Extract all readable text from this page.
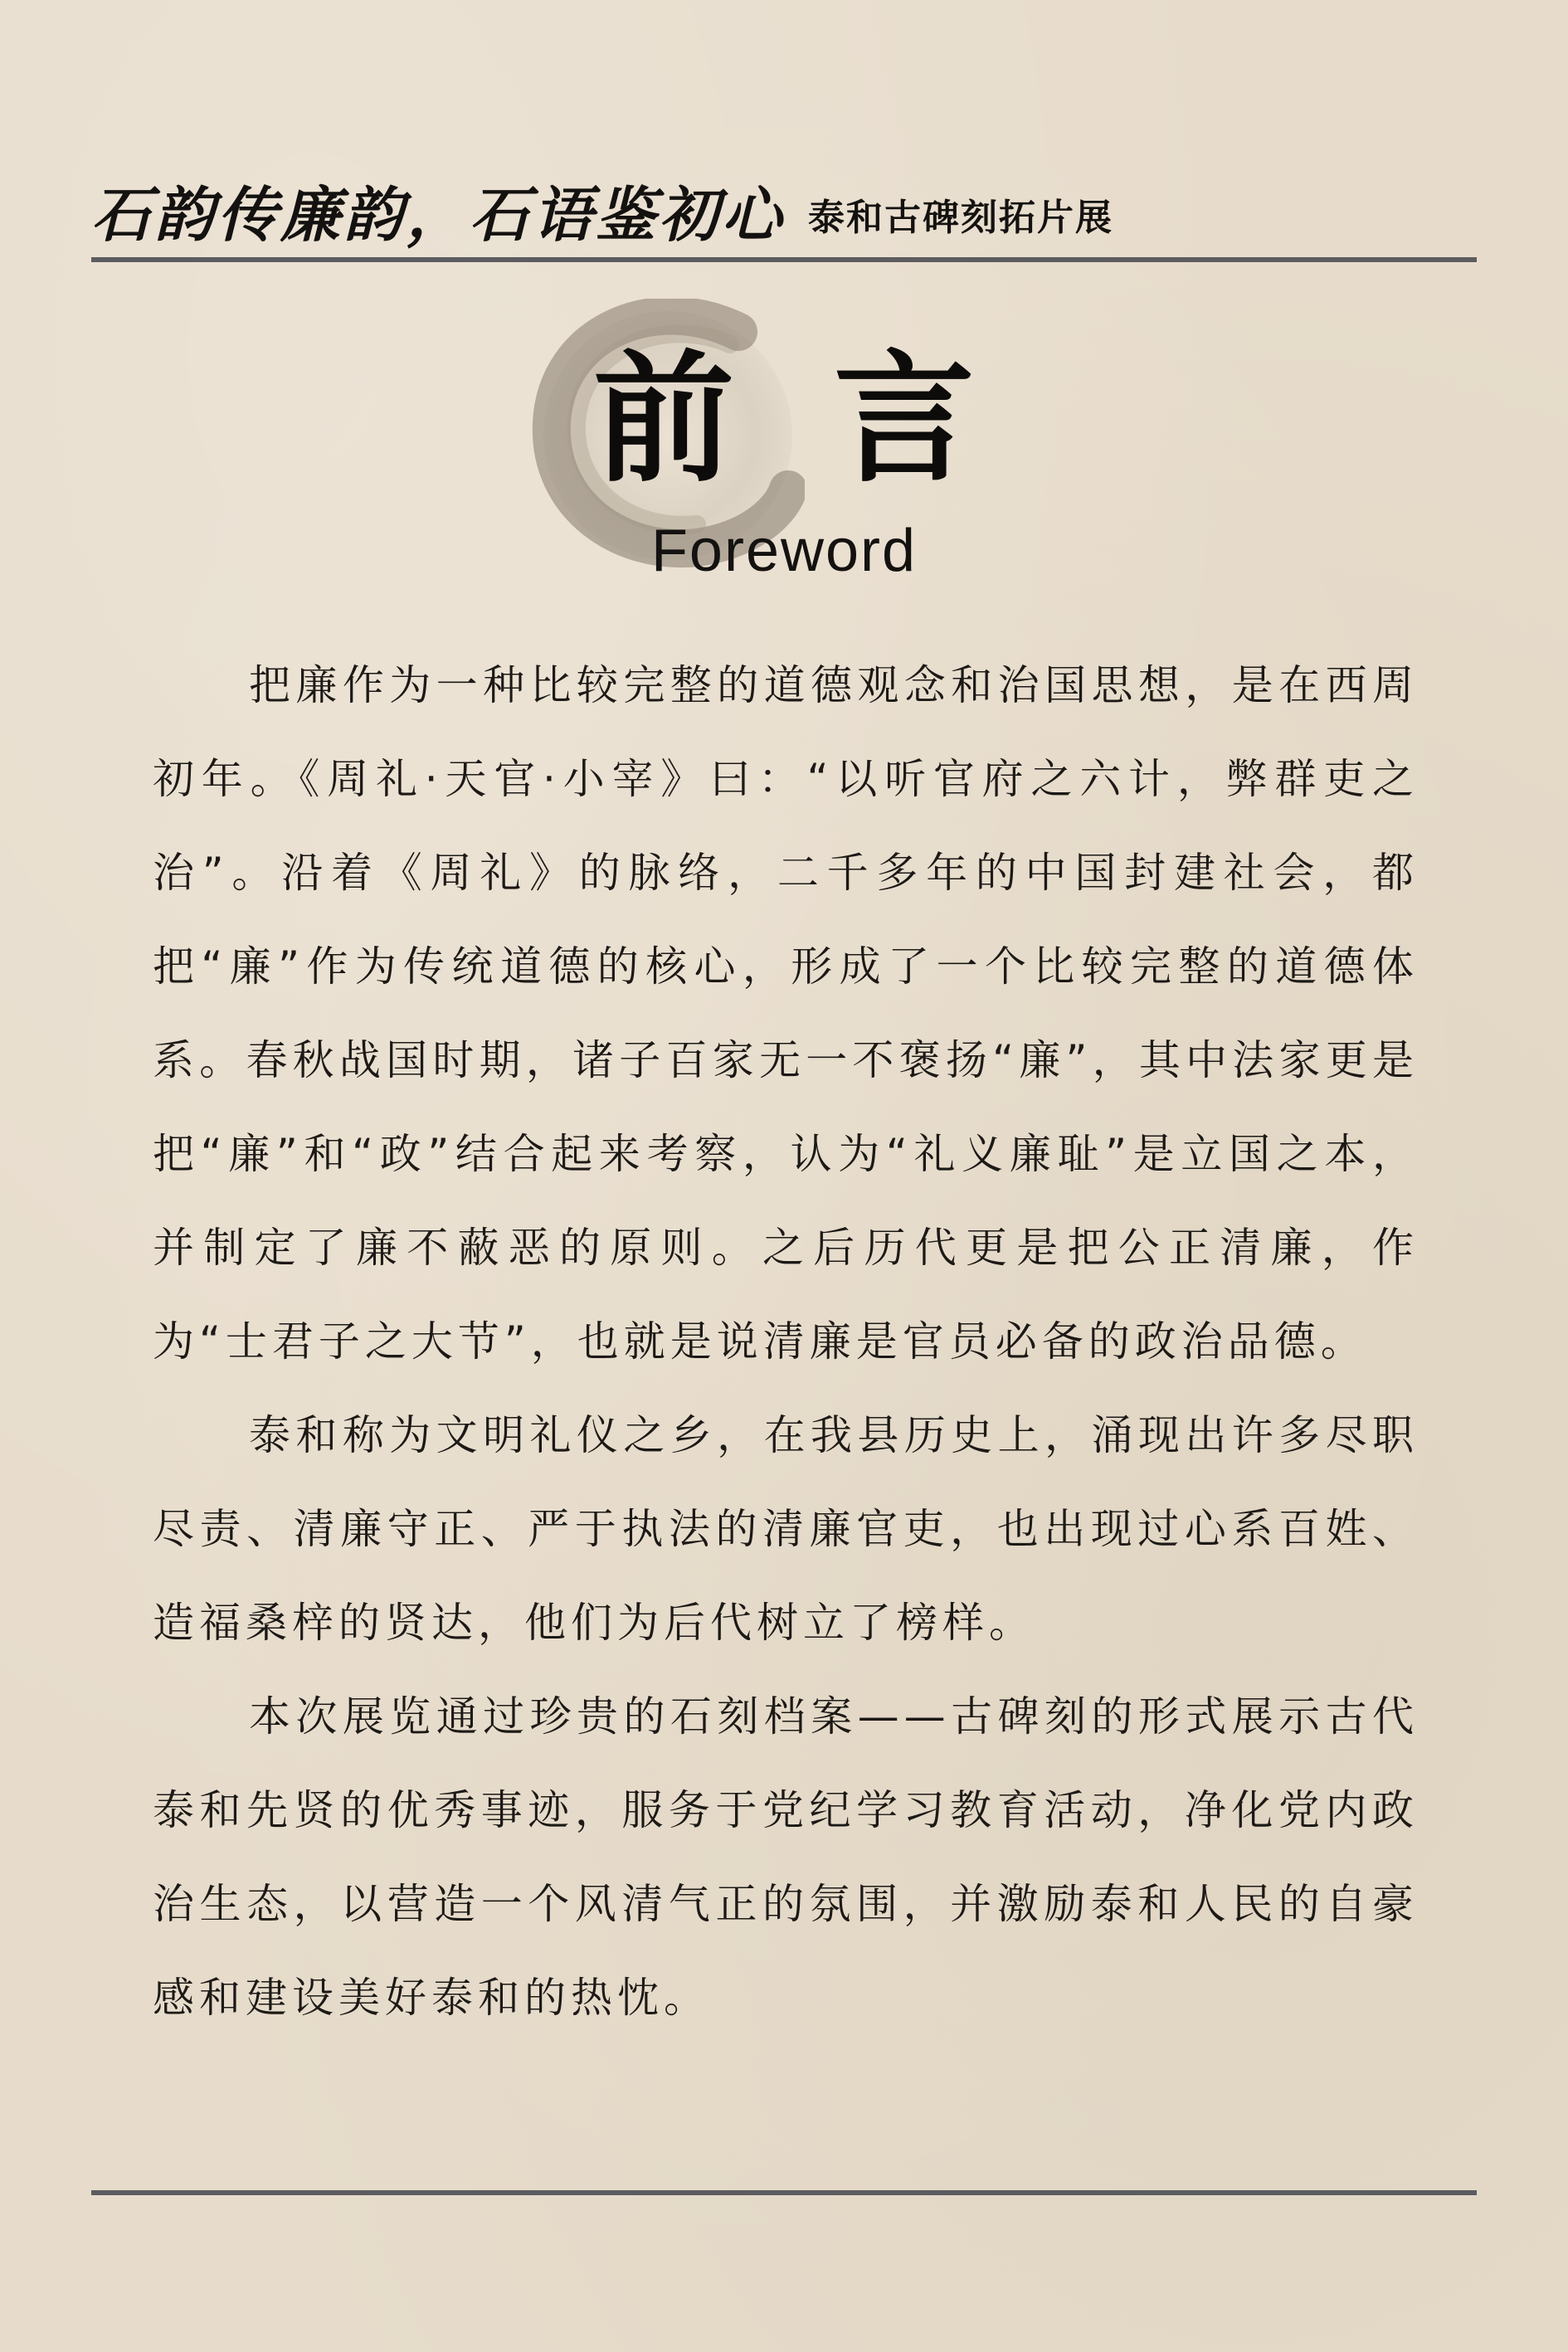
石韵传廉韵，石语鉴初心 泰和古碑刻拓片展
前言
Foreword

把廉作为一种比较完整的道德观念和治国思想，是在西周初年。《周礼·天官·小宰》曰：“以听官府之六计，弊群吏之治”。沿着《周礼》的脉络，二千多年的中国封建社会，都把“廉”作为传统道德的核心，形成了一个比较完整的道德体系。春秋战国时期，诸子百家无一不褒扬“廉”，其中法家更是把“廉”和“政”结合起来考察，认为“礼义廉耻”是立国之本，并制定了廉不蔽恶的原则。之后历代更是把公正清廉，作为“士君子之大节”，也就是说清廉是官员必备的政治品德。

泰和称为文明礼仪之乡，在我县历史上，涌现出许多尽职尽责、清廉守正、严于执法的清廉官吏，也出现过心系百姓、造福桑梓的贤达，他们为后代树立了榜样。

本次展览通过珍贵的石刻档案——古碑刻的形式展示古代泰和先贤的优秀事迹，服务于党纪学习教育活动，净化党内政治生态，以营造一个风清气正的氛围，并激励泰和人民的自豪感和建设美好泰和的热忱。
